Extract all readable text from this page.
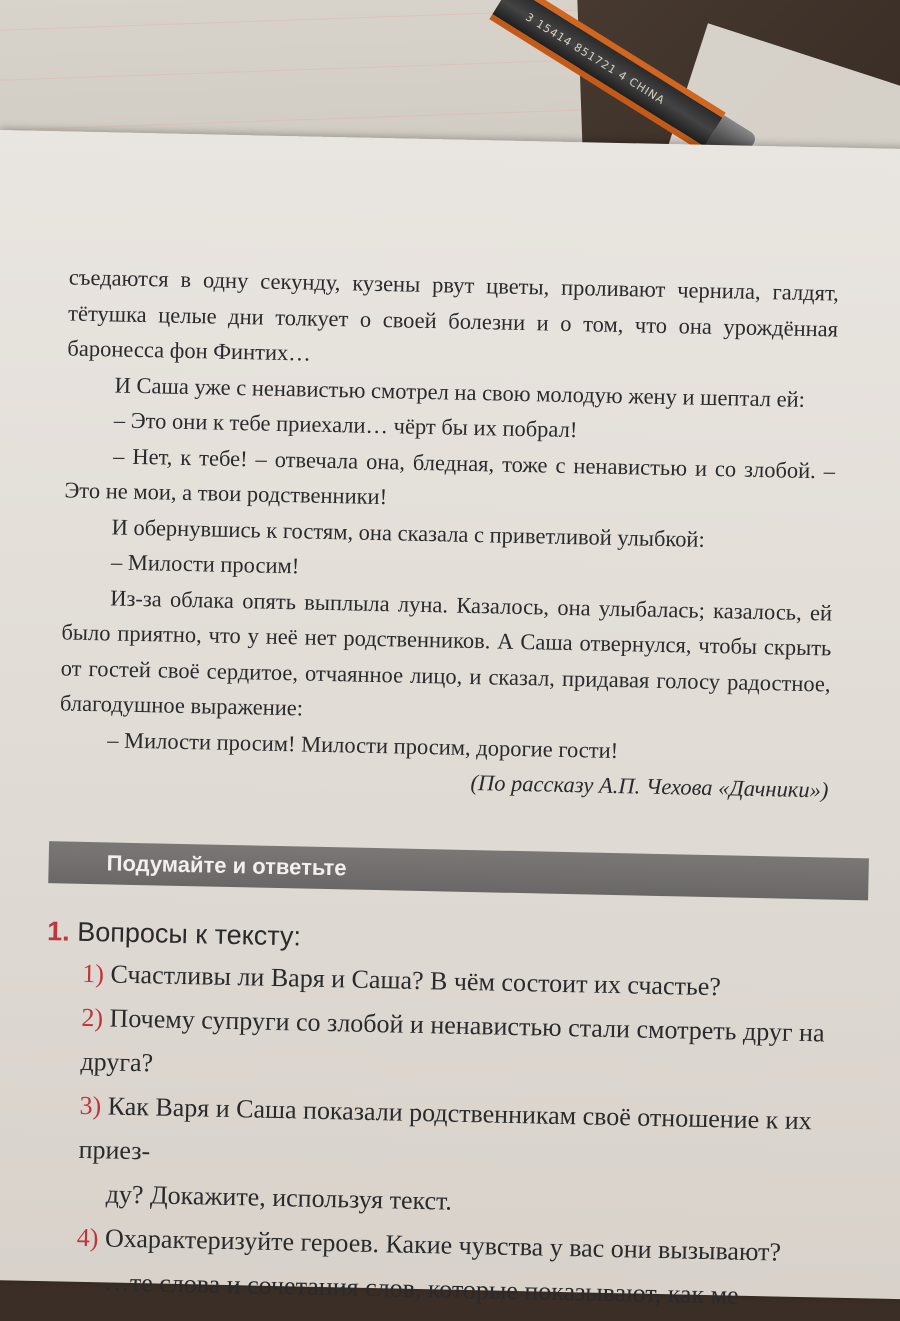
3 15414 851721 4 CHINA

съедаются в одну секунду, кузены рвут цветы, проливают чернила, галдят, тётушка целые дни толкует о своей болезни и о том, что она урождённая баронесса фон Финтих…

И Саша уже с ненавистью смотрел на свою молодую жену и шептал ей:

– Это они к тебе приехали… чёрт бы их побрал!

– Нет, к тебе! – отвечала она, бледная, тоже с ненавистью и со злобой. – Это не мои, а твои родственники!

И обернувшись к гостям, она сказала с приветливой улыбкой:

– Милости просим!

Из-за облака опять выплыла луна. Казалось, она улыбалась; казалось, ей было приятно, что у неё нет родственников. А Саша отвернулся, чтобы скрыть от гостей своё сердитое, отчаянное лицо, и сказал, придавая голосу радостное, благодушное выражение:

– Милости просим! Милости просим, дорогие гости!

(По рассказу А.П. Чехова «Дачники»)

Подумайте и ответьте

1. Вопросы к тексту:

1) Счастливы ли Варя и Саша? В чём состоит их счастье?

2) Почему супруги со злобой и ненавистью стали смотреть друг на друга?

3) Как Варя и Саша показали родственникам своё отношение к их приез-

ду? Докажите, используя текст.

4) Охарактеризуйте героев. Какие чувства у вас они вызывают?

…те слова и сочетания слов, которые показывают, как ме
